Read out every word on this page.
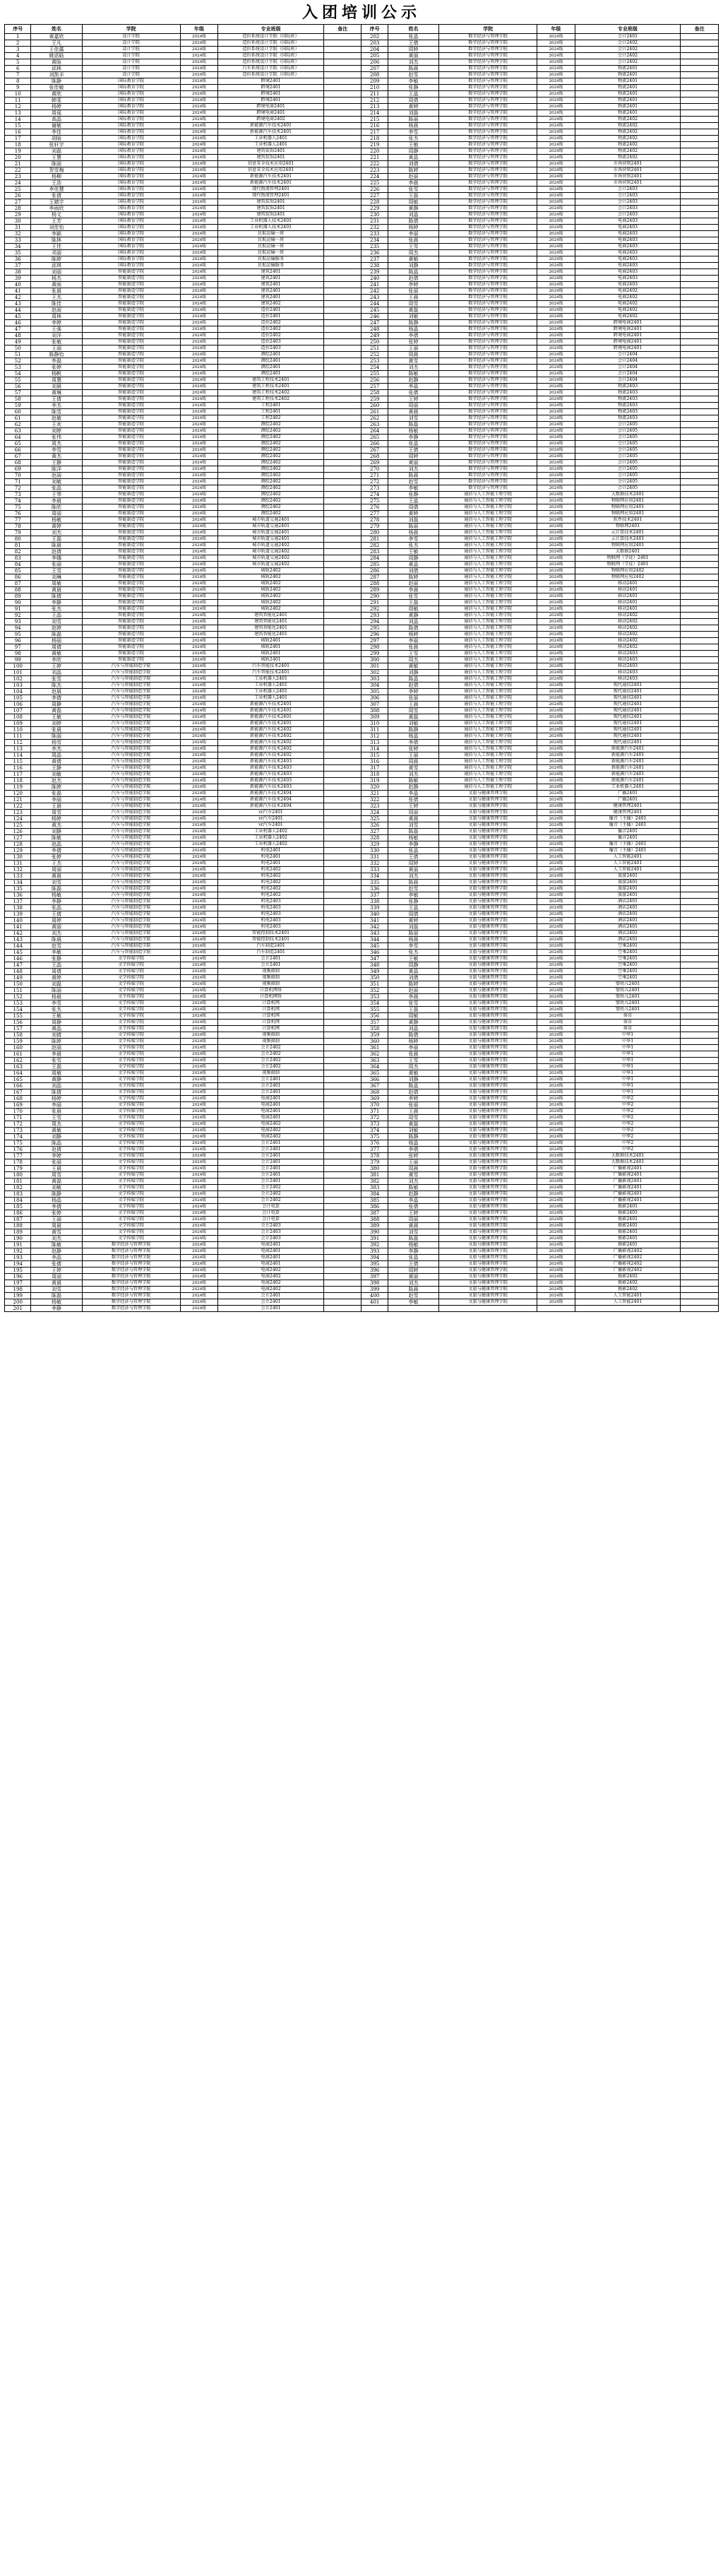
入团培训公示
序号	姓名	学院	年级	专业班级	备注	序号	姓名	学院	年级	专业班级	备注
1	黄嘉欣	设计学院	2024级	造价系统设计学院（国际班）		202	张晶	数字经济与管理学院	2024级	会计2401	
2	王凡	设计学院	2024级	造价系统设计学院（国际班）		203	王倩	数字经济与管理学院	2024级	会计2402	
3	王佳露	设计学院	2024级	造价系统设计学院（国际班）		204	周婷	数字经济与管理学院	2024级	会计2402	
4	姚语晗	设计学院	2024级	造价系统设计学院（国际班）		205	黄丽	数字经济与管理学院	2024级	会计2402	
5	黄晗	设计学院	2024级	造价系统设计学院（国际班）		206	刘杰	数字经济与管理学院	2024级	会计2402	
6	邱林	设计学院	2024级	汽车系统设计学院（国际班）		207	陈晨	数字经济与管理学院	2024级	物流2401	
7	刘凯丰	设计学院	2024级	造价系统设计学院（国际班）		208	赵雪	数字经济与管理学院	2024级	物流2401	
8	陈静	国际教育学院	2024级	跨境2401		209	李敏	数字经济与管理学院	2024级	物流2401	
9	张佳敏	国际教育学院	2024级	跨境2401		210	张静	数字经济与管理学院	2024级	物流2401	
10	黄欣	国际教育学院	2024级	跨境2401		211	王晶	数字经济与管理学院	2024级	物流2401	
11	韩雯	国际教育学院	2024级	跨境2401		212	周倩	数字经济与管理学院	2024级	物流2401	
12	杨婷	国际教育学院	2024级	跨境电商2401		213	黄婷	数字经济与管理学院	2024级	物流2401	
13	周瑶	国际教育学院	2024级	跨境电商2401		214	刘磊	数字经济与管理学院	2024级	物流2401	
14	高晶	国际教育学院	2024级	跨境电商2402		215	陈丽	数字经济与管理学院	2024级	物流2402	
15	谢敏	国际教育学院	2024级	新能源汽车技术2401		216	杨晨	数字经济与管理学院	2024级	物流2402	
16	李佳	国际教育学院	2024级	新能源汽车技术2401		217	李雪	数字经济与管理学院	2024级	物流2402	
17	胡晗	国际教育学院	2024级	工业机器人2401		218	张杰	数字经济与管理学院	2024级	物流2402	
18	张轩宇	国际教育学院	2024级	工业机器人2401		219	王敏	数字经济与管理学院	2024级	物流2402	
19	刘磊	国际教育学院	2024级	建筑装饰2401		220	周静	数字经济与管理学院	2024级	物流2402	
20	王慧	国际教育学院	2024级	建筑装饰2401		221	黄晶	数字经济与管理学院	2024级	物流2402	
21	陈丽	国际教育学院	2024级	信息安全技术应用2401		222	刘倩	数字经济与管理学院	2024级	市场营销2401	
22	贺雪梅	国际教育学院	2024级	信息安全技术应用2401		223	陈婷	数字经济与管理学院	2024级	市场营销2401	
23	杨柳	国际教育学院	2024级	新能源汽车技术2401		224	赵丽	数字经济与管理学院	2024级	市场营销2401	
24	王浩	国际教育学院	2024级	新能源汽车技术2401		225	李晨	数字经济与管理学院	2024级	市场营销2401	
25	李佳慧	国际教育学院	2024级	现代物流管理2401		226	张雪	数字经济与管理学院	2024级	会计2403	
26	张倩	国际教育学院	2024级	现代物流管理2401		227	王磊	数字经济与管理学院	2024级	会计2403	
27	王婧宇	国际教育学院	2024级	建筑装饰2401		228	周敏	数字经济与管理学院	2024级	会计2403	
28	李雨欣	国际教育学院	2024级	建筑装饰2401		229	黄静	数字经济与管理学院	2024级	会计2403	
29	杨文	国际教育学院	2024级	建筑装饰2401		230	刘晶	数字经济与管理学院	2024级	会计2403	
30	王芳	国际教育学院	2024级	工业机器人技术2401		231	陈倩	数字经济与管理学院	2024级	电商2403	
31	刘佳怡	国际教育学院	2024级	工业机器人技术2401		232	杨婷	数字经济与管理学院	2024级	电商2403	
32	李颖	国际教育学院	2024级	民航运输一班		233	李丽	数字经济与管理学院	2024级	电商2403	
33	陈林	国际教育学院	2024级	民航运输一班		234	张晨	数字经济与管理学院	2024级	电商2403	
34	王佳	国际教育学院	2024级	民航运输一班		235	王雪	数字经济与管理学院	2024级	电商2403	
35	邓丽	国际教育学院	2024级	民航运输一班		236	周杰	数字经济与管理学院	2024级	电商2403	
36	陈婷	国际教育学院	2024级	民航运输服务		237	黄敏	数字经济与管理学院	2024级	电商2403	
37	邱琪	国际教育学院	2024级	民航运输服务		238	刘静	数字经济与管理学院	2024级	电商2403	
38	刘丽	智能制造学院	2024级	建筑2401		239	陈晶	数字经济与管理学院	2024级	电商2403	
39	杨杰	智能制造学院	2024级	建筑2401		240	赵倩	数字经济与管理学院	2024级	电商2403	
40	黄雨	智能制造学院	2024级	建筑2401		241	李婷	数字经济与管理学院	2024级	电商2403	
41	张晨	智能制造学院	2024级	建筑2401		242	张丽	数字经济与管理学院	2024级	电商2402	
42	王杰	智能制造学院	2024级	建筑2401		243	王晨	数字经济与管理学院	2024级	电商2402	
43	陈佳	智能制造学院	2024级	建筑2402		244	周雪	数字经济与管理学院	2024级	电商2402	
44	赵雨	智能制造学院	2024级	造价2401		245	黄磊	数字经济与管理学院	2024级	电商2402	
45	周林	智能制造学院	2024级	造价2401		246	刘敏	数字经济与管理学院	2024级	电商2402	
46	李婷	智能制造学院	2024级	造价2402		247	陈静	数字经济与管理学院	2024级	跨境电商2401	
47	王强	智能制造学院	2024级	造价2402		248	杨晶	数字经济与管理学院	2024级	跨境电商2401	
48	刘洋	智能制造学院	2024级	造价2402		249	李倩	数字经济与管理学院	2024级	跨境电商2401	
49	张敏	智能制造学院	2024级	造价2403		250	张婷	数字经济与管理学院	2024级	跨境电商2401	
50	王丽	智能制造学院	2024级	造价2403		251	王丽	数字经济与管理学院	2024级	跨境电商2401	
51	陈静怡	智能制造学院	2024级	测绘2401		252	周晨	数字经济与管理学院	2024级	会计2404	
52	李磊	智能制造学院	2024级	测绘2401		253	黄雪	数字经济与管理学院	2024级	会计2404	
53	张婷	智能制造学院	2024级	测绘2401		254	刘杰	数字经济与管理学院	2024级	会计2404	
54	杨帆	智能制造学院	2024级	测绘2401		255	陈敏	数字经济与管理学院	2024级	会计2404	
55	周慧	智能制造学院	2024级	建筑工程技术2401		256	赵静	数字经济与管理学院	2024级	会计2404	
56	刘晨	智能制造学院	2024级	建筑工程技术2401		257	李晶	数字经济与管理学院	2024级	物流2403	
57	黄琳	智能制造学院	2024级	建筑工程技术2402		258	张倩	数字经济与管理学院	2024级	物流2403	
58	王倩	智能制造学院	2024级	建筑工程技术2402		259	王婷	数字经济与管理学院	2024级	物流2403	
59	李杰	智能制造学院	2024级	工程2401		260	周丽	数字经济与管理学院	2024级	物流2403	
60	陈雪	智能制造学院	2024级	工程2401		261	黄晨	数字经济与管理学院	2024级	物流2403	
61	赵敏	智能制造学院	2024级	工程2402		262	刘雪	数字经济与管理学院	2024级	物流2403	
62	王欢	智能制造学院	2024级	测绘2402		263	陈磊	数字经济与管理学院	2024级	会计2405	
63	刘婷	智能制造学院	2024级	测绘2402		264	杨敏	数字经济与管理学院	2024级	会计2405	
64	张伟	智能制造学院	2024级	测绘2402		265	李静	数字经济与管理学院	2024级	会计2405	
65	周杰	智能制造学院	2024级	测绘2402		266	张晶	数字经济与管理学院	2024级	会计2405	
66	李雪	智能制造学院	2024级	测绘2402		267	王倩	数字经济与管理学院	2024级	会计2405	
67	黄杰	智能制造学院	2024级	测绘2402		268	周婷	数字经济与管理学院	2024级	会计2405	
68	王静	智能制造学院	2024级	测绘2402		269	黄丽	数字经济与管理学院	2024级	会计2405	
69	陈洋	智能制造学院	2024级	测绘2402		270	刘杰	数字经济与管理学院	2024级	会计2405	
70	赵丽	智能制造学院	2024级	测绘2402		271	陈晨	数字经济与管理学院	2024级	会计2405	
71	刘敏	智能制造学院	2024级	测绘2402		272	赵雪	数字经济与管理学院	2024级	会计2405	
72	张晶	智能制造学院	2024级	测绘2402		273	李敏	数字经济与管理学院	2024级	会计2405	
73	王琴	智能制造学院	2024级	测绘2402		274	张静	通信与人工智能工程学院	2024级	大数据技术2401	
74	李晨	智能制造学院	2024级	测绘2402		275	王晶	通信与人工智能工程学院	2024级	物联网应用2401	
75	陈欣	智能制造学院	2024级	测绘2402		276	周倩	通信与人工智能工程学院	2024级	物联网应用2401	
76	周丽	智能制造学院	2024级	测绘2402		277	黄婷	通信与人工智能工程学院	2024级	物联网应用2401	
77	杨敏	智能制造学院	2024级	城市轨道交通2401		278	刘磊	通信与人工智能工程学院	2024级	软件技术2401	
78	黄婷	智能制造学院	2024级	城市轨道交通2401		279	陈丽	通信与人工智能工程学院	2024级	物联网2401	
79	刘杰	智能制造学院	2024级	城市轨道交通2401		280	杨晨	通信与人工智能工程学院	2024级	云计算技术2401	
80	王磊	智能制造学院	2024级	城市轨道交通2401		281	李雪	通信与人工智能工程学院	2024级	云计算技术2401	
81	陈晨	智能制造学院	2024级	城市轨道交通2402		282	张杰	通信与人工智能工程学院	2024级	物联网应用2401	
82	赵倩	智能制造学院	2024级	城市轨道交通2402		283	王敏	通信与人工智能工程学院	2024级	大数据2401	
83	李娜	智能制造学院	2024级	城市轨道交通2402		284	周静	通信与人工智能工程学院	2024级	物联网（学徒）2401	
84	张丽	智能制造学院	2024级	城市轨道交通2402		285	黄晶	通信与人工智能工程学院	2024级	物联网（学徒）2401	
85	王雪	智能制造学院	2024级	城轨2402		286	刘倩	通信与人工智能工程学院	2024级	物联网应用2402	
86	刘琳	智能制造学院	2024级	城轨2402		287	陈婷	通信与人工智能工程学院	2024级	物联网应用2402	
87	周敏	智能制造学院	2024级	城轨2402		288	赵丽	通信与人工智能工程学院	2024级	移动2401	
88	黄晨	智能制造学院	2024级	城轨2402		289	李晨	通信与人工智能工程学院	2024级	移动2401	
89	陈倩	智能制造学院	2024级	城轨2402		290	张雪	通信与人工智能工程学院	2024级	移动2401	
90	李静	智能制造学院	2024级	城轨2402		291	王磊	通信与人工智能工程学院	2024级	移动2401	
91	张杰	智能制造学院	2024级	城轨2402		292	周敏	通信与人工智能工程学院	2024级	移动2401	
92	王晶	智能制造学院	2024级	建筑智能化2401		293	黄静	通信与人工智能工程学院	2024级	移动2402	
93	刘雪	智能制造学院	2024级	建筑智能化2401		294	刘晶	通信与人工智能工程学院	2024级	移动2402	
94	赵婷	智能制造学院	2024级	建筑智能化2401		295	陈倩	通信与人工智能工程学院	2024级	移动2402	
95	陈磊	智能制造学院	2024级	建筑智能化2401		296	杨婷	通信与人工智能工程学院	2024级	移动2402	
96	杨丽	智能制造学院	2024级	城轨2401		297	李丽	通信与人工智能工程学院	2024级	移动2402	
97	周倩	智能制造学院	2024级	城轨2401		298	张晨	通信与人工智能工程学院	2024级	移动2402	
98	黄敏	智能制造学院	2024级	城轨2401		299	王雪	通信与人工智能工程学院	2024级	移动2403	
99	李欣	智能制造学院	2024级	城轨2401		300	周杰	通信与人工智能工程学院	2024级	移动2403	
100	王婷	汽车与智能制造学院	2024级	汽车智能技术2401		301	黄敏	通信与人工智能工程学院	2024级	移动2403	
101	刘晶	汽车与智能制造学院	2024级	汽车智能技术2401		302	刘静	通信与人工智能工程学院	2024级	移动2403	
102	张雪	汽车与智能制造学院	2024级	工业机器人2401		303	陈晶	通信与人工智能工程学院	2024级	移动2403	
103	陈杰	汽车与智能制造学院	2024级	工业机器人2401		304	赵倩	通信与人工智能工程学院	2024级	现代通信2401	
104	赵晨	汽车与智能制造学院	2024级	工业机器人2401		305	李婷	通信与人工智能工程学院	2024级	现代通信2401	
105	李倩	汽车与智能制造学院	2024级	工业机器人2401		306	张丽	通信与人工智能工程学院	2024级	现代通信2401	
106	周静	汽车与智能制造学院	2024级	新能源汽车技术2401		307	王晨	通信与人工智能工程学院	2024级	现代通信2401	
107	黄磊	汽车与智能制造学院	2024级	新能源汽车技术2401		308	周雪	通信与人工智能工程学院	2024级	现代通信2401	
108	王敏	汽车与智能制造学院	2024级	新能源汽车技术2401		309	黄磊	通信与人工智能工程学院	2024级	现代通信2401	
109	刘婷	汽车与智能制造学院	2024级	新能源汽车技术2401		310	刘敏	通信与人工智能工程学院	2024级	现代通信2401	
110	张晨	汽车与智能制造学院	2024级	新能源汽车技术2402		311	陈静	通信与人工智能工程学院	2024级	现代通信2401	
111	陈丽	汽车与智能制造学院	2024级	新能源汽车技术2402		312	杨晶	通信与人工智能工程学院	2024级	现代通信2401	
112	杨雪	汽车与智能制造学院	2024级	新能源汽车技术2402		313	李倩	通信与人工智能工程学院	2024级	现代通信2401	
113	李杰	汽车与智能制造学院	2024级	新能源汽车技术2402		314	张婷	通信与人工智能工程学院	2024级	新能源汽车2401	
114	周晶	汽车与智能制造学院	2024级	新能源汽车技术2402		315	王丽	通信与人工智能工程学院	2024级	新能源汽车2401	
115	黄倩	汽车与智能制造学院	2024级	新能源汽车技术2403		316	周晨	通信与人工智能工程学院	2024级	新能源汽车2401	
116	王静	汽车与智能制造学院	2024级	新能源汽车技术2403		317	黄雪	通信与人工智能工程学院	2024级	新能源汽车2401	
117	刘敏	汽车与智能制造学院	2024级	新能源汽车技术2403		318	刘杰	通信与人工智能工程学院	2024级	新能源汽车2401	
118	赵杰	汽车与智能制造学院	2024级	新能源汽车技术2403		319	陈敏	通信与人工智能工程学院	2024级	新能源汽车2401	
119	陈婷	汽车与智能制造学院	2024级	新能源汽车技术2403		320	赵静	通信与人工智能工程学院	2024级	工业机器人2401	
120	张磊	汽车与智能制造学院	2024级	新能源汽车技术2404		321	李晶	文旅与健康管理学院	2024级	广播2401	
121	李丽	汽车与智能制造学院	2024级	新能源汽车技术2404		322	张倩	文旅与健康管理学院	2024级	广播2401	
122	王晨	汽车与智能制造学院	2024级	新能源汽车技术2404		323	王婷	文旅与健康管理学院	2024级	健康管理2401	
123	周雪	汽车与智能制造学院	2024级	vr汽车2401		324	周丽	文旅与健康管理学院	2024级	健康管理2401	
124	杨婷	汽车与智能制造学院	2024级	vr汽车2401		325	黄晨	文旅与健康管理学院	2024级	播音（主播）2401	
125	黄杰	汽车与智能制造学院	2024级	vr汽车2401		326	刘雪	文旅与健康管理学院	2024级	播音（主播）2401	
126	刘静	汽车与智能制造学院	2024级	工业机器人2402		327	陈磊	文旅与健康管理学院	2024级	播音2401	
127	陈敏	汽车与智能制造学院	2024级	工业机器人2402		328	杨敏	文旅与健康管理学院	2024级	播音2401	
128	赵晶	汽车与智能制造学院	2024级	工业机器人2402		329	李静	文旅与健康管理学院	2024级	播音（主播）2401	
129	李倩	汽车与智能制造学院	2024级	机电2401		330	张晶	文旅与健康管理学院	2024级	播音（主播）2401	
130	张婷	汽车与智能制造学院	2024级	机电2401		331	王倩	文旅与健康管理学院	2024级	人工智能2401	
131	王杰	汽车与智能制造学院	2024级	机电2401		332	周婷	文旅与健康管理学院	2024级	人工智能2401	
132	周丽	汽车与智能制造学院	2024级	机电2402		333	黄丽	文旅与健康管理学院	2024级	人工智能2401	
133	黄晨	汽车与智能制造学院	2024级	机电2402		334	刘杰	文旅与健康管理学院	2024级	旅游2401	
134	刘雪	汽车与智能制造学院	2024级	机电2402		335	陈晨	文旅与健康管理学院	2024级	旅游2401	
135	陈磊	汽车与智能制造学院	2024级	机电2402		336	赵雪	文旅与健康管理学院	2024级	旅游2401	
136	杨敏	汽车与智能制造学院	2024级	机电2402		337	李敏	文旅与健康管理学院	2024级	旅游2401	
137	李静	汽车与智能制造学院	2024级	机电2403		338	张静	文旅与健康管理学院	2024级	酒店2401	
138	张晶	汽车与智能制造学院	2024级	机电2403		339	王晶	文旅与健康管理学院	2024级	酒店2401	
139	王倩	汽车与智能制造学院	2024级	机电2403		340	周倩	文旅与健康管理学院	2024级	酒店2401	
140	周婷	汽车与智能制造学院	2024级	机电2403		341	黄婷	文旅与健康管理学院	2024级	酒店2401	
141	黄丽	汽车与智能制造学院	2024级	机电2403		342	刘磊	文旅与健康管理学院	2024级	酒店2401	
142	刘杰	汽车与智能制造学院	2024级	智能控制技术2401		343	陈丽	文旅与健康管理学院	2024级	酒店2401	
143	陈晨	汽车与智能制造学院	2024级	智能控制技术2401		344	杨晨	文旅与健康管理学院	2024级	酒店2401	
144	赵雪	汽车与智能制造学院	2024级	汽车制造2401		345	李雪	文旅与健康管理学院	2024级	空乘2401	
145	李敏	汽车与智能制造学院	2024级	汽车制造2401		346	张杰	文旅与健康管理学院	2024级	空乘2401	
146	张静	文学传媒学院	2024级	会计2401		347	王敏	文旅与健康管理学院	2024级	空乘2401	
147	王晶	文学传媒学院	2024级	会计2401		348	周静	文旅与健康管理学院	2024级	空乘2401	
148	周倩	文学传媒学院	2024级	视频摄制		349	黄晶	文旅与健康管理学院	2024级	空乘2401	
149	黄婷	文学传媒学院	2024级	视频摄制		350	刘倩	文旅与健康管理学院	2024级	空乘2401	
150	刘磊	文学传媒学院	2024级	视频摄制		351	陈婷	文旅与健康管理学院	2024级	婴幼儿2401	
151	陈丽	文学传媒学院	2024级	计算机网络		352	赵丽	文旅与健康管理学院	2024级	婴幼儿2401	
152	杨晨	文学传媒学院	2024级	计算机网络		353	李晨	文旅与健康管理学院	2024级	婴幼儿2401	
153	李雪	文学传媒学院	2024级	计算机网		354	张雪	文旅与健康管理学院	2024级	婴幼儿2401	
154	张杰	文学传媒学院	2024级	计算机网		355	王磊	文旅与健康管理学院	2024级	婴幼儿2401	
155	王敏	文学传媒学院	2024级	计算机网		356	周敏	文旅与健康管理学院	2024级	体育	
156	周静	文学传媒学院	2024级	计算机网		357	黄静	文旅与健康管理学院	2024级	体育	
157	黄晶	文学传媒学院	2024级	计算机网		358	刘晶	文旅与健康管理学院	2024级	体育	
158	刘倩	文学传媒学院	2024级	视频摄制		359	陈倩	文旅与健康管理学院	2024级	中华1	
159	陈婷	文学传媒学院	2024级	视频摄制		360	杨婷	文旅与健康管理学院	2024级	中华1	
160	赵丽	文学传媒学院	2024级	会计2402		361	李丽	文旅与健康管理学院	2024级	中华1	
161	李晨	文学传媒学院	2024级	会计2402		362	张晨	文旅与健康管理学院	2024级	中华1	
162	张雪	文学传媒学院	2024级	会计2402		363	王雪	文旅与健康管理学院	2024级	中华1	
163	王磊	文学传媒学院	2024级	会计2402		364	周杰	文旅与健康管理学院	2024级	中华1	
164	周敏	文学传媒学院	2024级	视频摄制		365	黄敏	文旅与健康管理学院	2024级	中华1	
165	黄静	文学传媒学院	2024级	会计2401		366	刘静	文旅与健康管理学院	2024级	中华1	
166	刘晶	文学传媒学院	2024级	会计2401		367	陈晶	文旅与健康管理学院	2024级	中华1	
167	陈倩	文学传媒学院	2024级	会计2401		368	赵倩	文旅与健康管理学院	2024级	中华1	
168	杨婷	文学传媒学院	2024级	电商2401		369	李婷	文旅与健康管理学院	2024级	中华2	
169	李丽	文学传媒学院	2024级	电商2401		370	张丽	文旅与健康管理学院	2024级	中华2	
170	张晨	文学传媒学院	2024级	电商2401		371	王晨	文旅与健康管理学院	2024级	中华2	
171	王雪	文学传媒学院	2024级	电商2401		372	周雪	文旅与健康管理学院	2024级	中华2	
172	周杰	文学传媒学院	2024级	电商2402		373	黄磊	文旅与健康管理学院	2024级	中华2	
173	黄敏	文学传媒学院	2024级	电商2402		374	刘敏	文旅与健康管理学院	2024级	中华2	
174	刘静	文学传媒学院	2024级	电商2402		375	陈静	文旅与健康管理学院	2024级	中华2	
175	陈晶	文学传媒学院	2024级	会计2401		376	杨晶	文旅与健康管理学院	2024级	中华2	
176	赵倩	文学传媒学院	2024级	会计2401		377	李倩	文旅与健康管理学院	2024级	中华2	
177	李婷	文学传媒学院	2024级	会计2401		378	张婷	文旅与健康管理学院	2024级	大数据技术2401	
178	张丽	文学传媒学院	2024级	会计2401		379	王丽	文旅与健康管理学院	2024级	大数据技术2401	
179	王晨	文学传媒学院	2024级	会计2401		380	周晨	文旅与健康管理学院	2024级	广播影视2401	
180	周雪	文学传媒学院	2024级	会计2401		381	黄雪	文旅与健康管理学院	2024级	广播影视2401	
181	黄磊	文学传媒学院	2024级	会计2401		382	刘杰	文旅与健康管理学院	2024级	广播影视2401	
182	刘敏	文学传媒学院	2024级	会计2402		383	陈敏	文旅与健康管理学院	2024级	广播影视2401	
183	陈静	文学传媒学院	2024级	会计2402		384	赵静	文旅与健康管理学院	2024级	广播影视2401	
184	杨晶	文学传媒学院	2024级	会计2402		385	李晶	文旅与健康管理学院	2024级	广播影视2401	
185	李倩	文学传媒学院	2024级	会计电算		386	张倩	文旅与健康管理学院	2024级	摄影2401	
186	张婷	文学传媒学院	2024级	会计电算		387	王婷	文旅与健康管理学院	2024级	摄影2401	
187	王丽	文学传媒学院	2024级	会计电算		388	周丽	文旅与健康管理学院	2024级	摄影2401	
188	周晨	文学传媒学院	2024级	会计2403		389	黄晨	文旅与健康管理学院	2024级	摄影2401	
189	黄雪	文学传媒学院	2024级	会计2403		390	刘雪	文旅与健康管理学院	2024级	摄影2401	
190	刘杰	文学传媒学院	2024级	会计2403		391	陈磊	文旅与健康管理学院	2024级	摄影2401	
191	陈敏	数字经济与管理学院	2024级	电商2401		392	杨敏	文旅与健康管理学院	2024级	摄影2401	
192	赵静	数字经济与管理学院	2024级	电商2401		393	李静	文旅与健康管理学院	2024级	广播影视2402	
193	李晶	数字经济与管理学院	2024级	电商2401		394	张晶	文旅与健康管理学院	2024级	广播影视2402	
194	张倩	数字经济与管理学院	2024级	电商2401		395	王倩	文旅与健康管理学院	2024级	广播影视2402	
195	王婷	数字经济与管理学院	2024级	电商2402		396	周婷	文旅与健康管理学院	2024级	广播影视2402	
196	周丽	数字经济与管理学院	2024级	电商2402		397	黄丽	文旅与健康管理学院	2024级	摄影2402	
197	黄晨	数字经济与管理学院	2024级	电商2402		398	刘杰	文旅与健康管理学院	2024级	摄影2402	
198	刘雪	数字经济与管理学院	2024级	电商2402		399	陈晨	文旅与健康管理学院	2024级	摄影2402	
199	陈磊	数字经济与管理学院	2024级	会计2401		400	赵雪	文旅与健康管理学院	2024级	人工智能2401	
200	杨敏	数字经济与管理学院	2024级	会计2401		401	李敏	文旅与健康管理学院	2024级	人工智能2401	
201	李静	数字经济与管理学院	2024级	会计2401							
